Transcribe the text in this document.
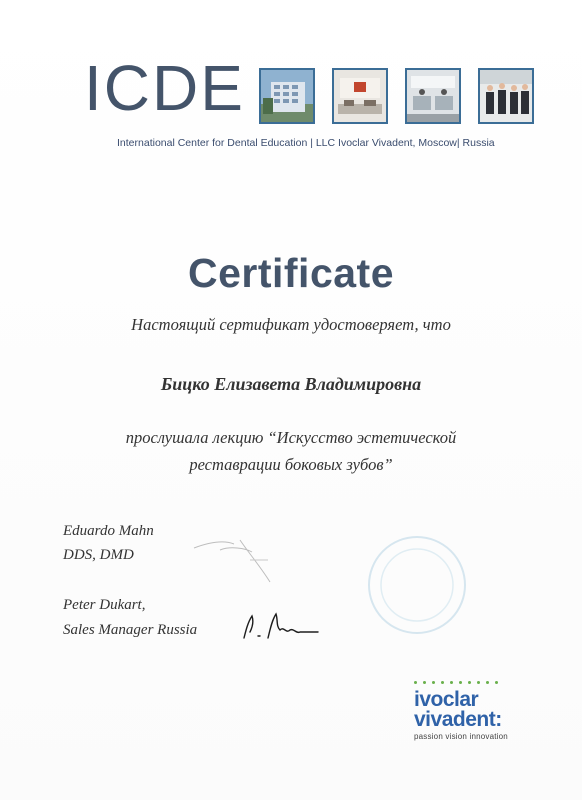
ICDE
International Center for Dental Education | LLC Ivoclar Vivadent, Moscow| Russia
Certificate
Настоящий сертификат удостоверяет, что
Бицко Елизавета Владимировна
прослушала лекцию “Искусство эстетической
реставрации боковых зубов”
Eduardo Mahn
DDS, DMD
Peter Dukart,
Sales Manager Russia
ivoclar
vivadent:
passion vision innovation
